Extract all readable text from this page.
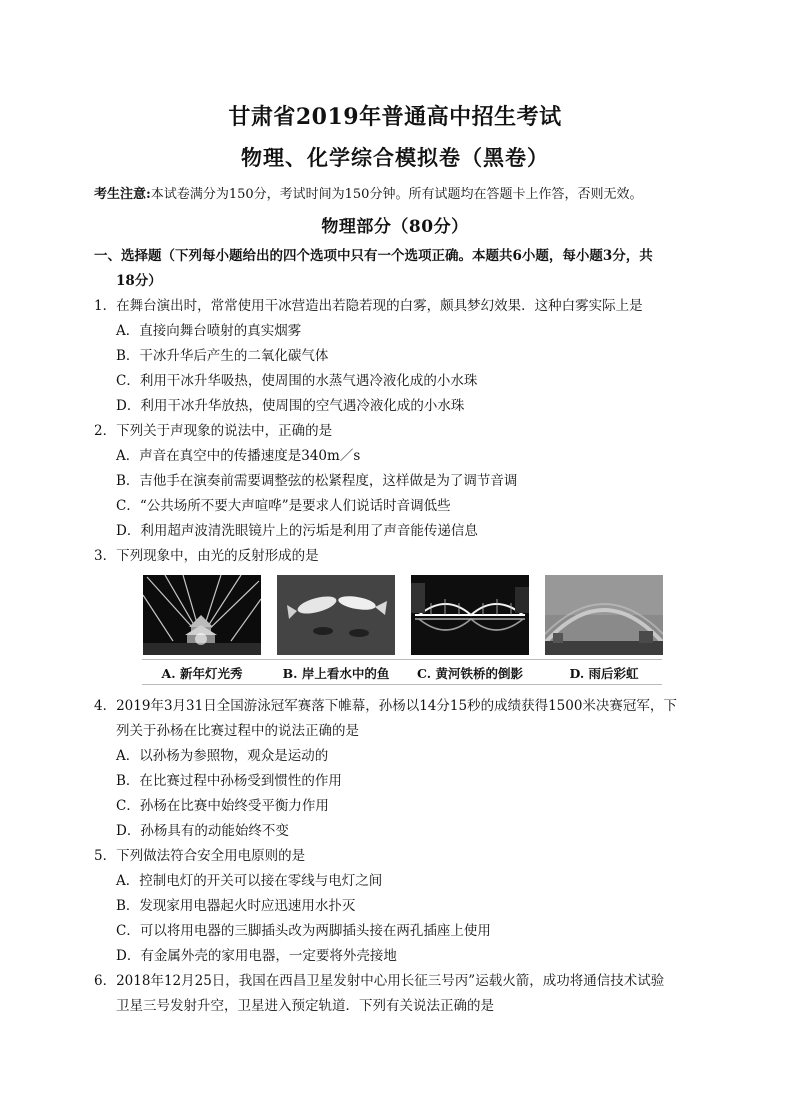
甘肃省2019年普通高中招生考试
物理、化学综合模拟卷（黑卷）
考生注意:本试卷满分为150分，考试时间为150分钟。所有试题均在答题卡上作答，否则无效。
物理部分（80分）
一、选择题（下列每小题给出的四个选项中只有一个选项正确。本题共6小题，每小题3分，共
18分）
1．在舞台演出时，常常使用干冰营造出若隐若现的白雾，颇具梦幻效果．这种白雾实际上是
A．直接向舞台喷射的真实烟雾
B．干冰升华后产生的二氧化碳气体
C．利用干冰升华吸热，使周围的水蒸气遇冷液化成的小水珠
D．利用干冰升华放热，使周围的空气遇冷液化成的小水珠
2．下列关于声现象的说法中，正确的是
A．声音在真空中的传播速度是340m／s
B．吉他手在演奏前需要调整弦的松紧程度，这样做是为了调节音调
C．“公共场所不要大声喧哗”是要求人们说话时音调低些
D．利用超声波清洗眼镜片上的污垢是利用了声音能传递信息
3．下列现象中，由光的反射形成的是
A. 新年灯光秀	B. 岸上看水中的鱼	C. 黄河铁桥的倒影	D. 雨后彩虹
4．2019年3月31日全国游泳冠军赛落下帷幕，孙杨以14分15秒的成绩获得1500米决赛冠军，下
列关于孙杨在比赛过程中的说法正确的是
A．以孙杨为参照物，观众是运动的
B．在比赛过程中孙杨受到惯性的作用
C．孙杨在比赛中始终受平衡力作用
D．孙杨具有的动能始终不变
5．下列做法符合安全用电原则的是
A．控制电灯的开关可以接在零线与电灯之间
B．发现家用电器起火时应迅速用水扑灭
C．可以将用电器的三脚插头改为两脚插头接在两孔插座上使用
D．有金属外壳的家用电器，一定要将外壳接地
6．2018年12月25日，我国在西昌卫星发射中心用长征三号丙”运载火箭，成功将通信技术试验
卫星三号发射升空，卫星进入预定轨道．下列有关说法正确的是
